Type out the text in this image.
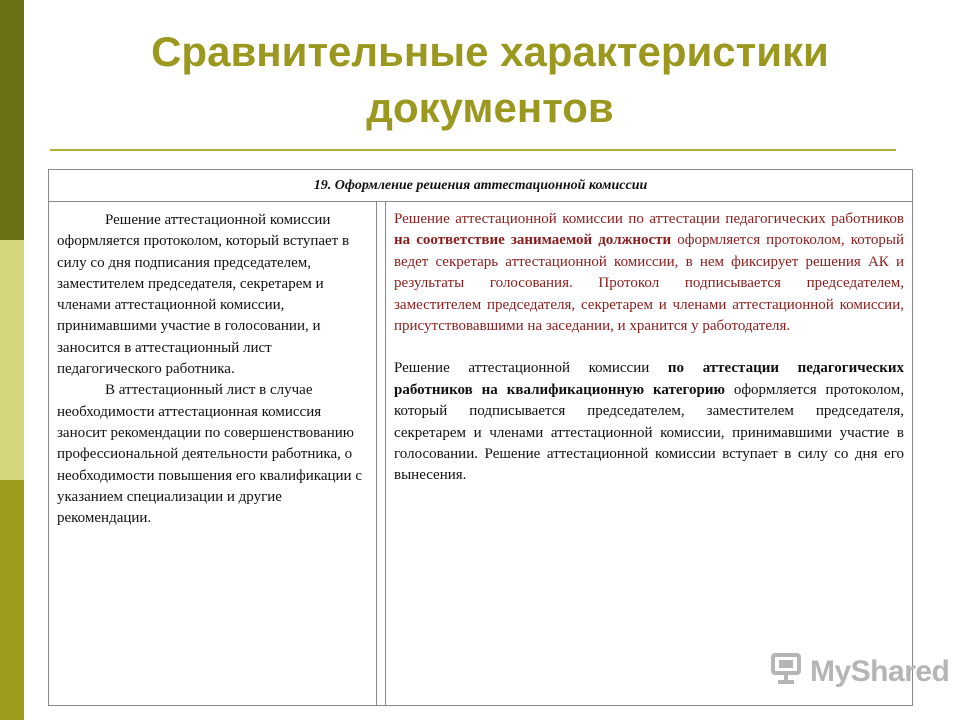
Сравнительные характеристики документов
19. Оформление решения аттестационной комиссии

Решение аттестационной комиссии оформляется протоколом, который вступает в силу со дня подписания председателем, заместителем председателя, секретарем и членами аттестационной комиссии, принимавшими участие в голосовании, и заносится в аттестационный лист педагогического работника.

В аттестационный лист в случае необходимости аттестационная комиссия заносит рекомендации по совершенствованию профессиональной деятельности работника, о необходимости повышения его квалификации с указанием специализации и другие рекомендации.

Решение аттестационной комиссии по аттестации педагогических работников на соответствие занимаемой должности оформляется протоколом, который ведет секретарь аттестационной комиссии, в нем фиксирует решения АК и результаты голосования. Протокол подписывается председателем, заместителем председателя, секретарем и членами аттестационной комиссии, присутствовавшими на заседании, и хранится у работодателя.

Решение аттестационной комиссии по аттестации педагогических работников на квалификационную категорию оформляется протоколом, который подписывается председателем, заместителем председателя, секретарем и членами аттестационной комиссии, принимавшими участие в голосовании. Решение аттестационной комиссии вступает в силу со дня его вынесения.

MyShared
